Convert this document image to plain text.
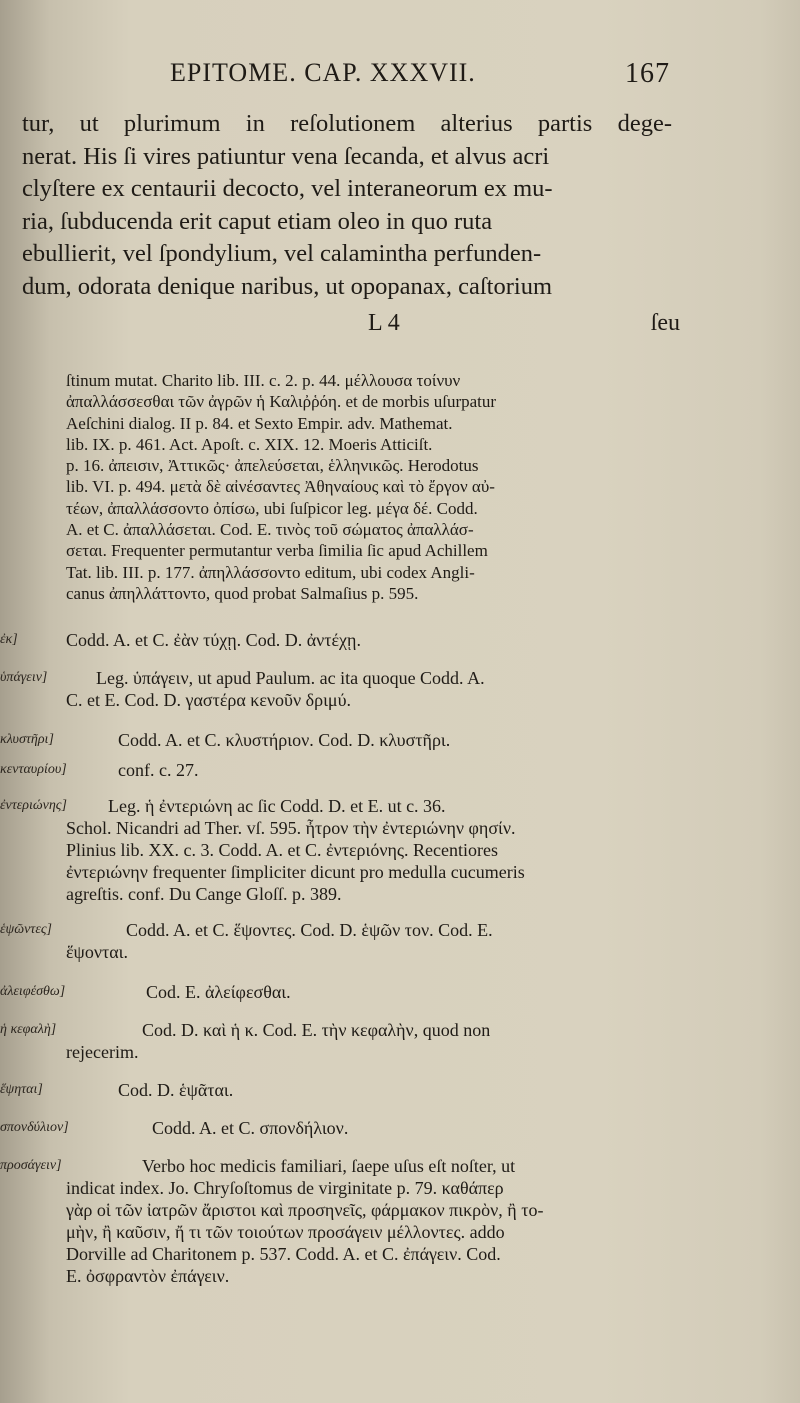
EPITOME. CAP. XXXVII.	167
tur, ut plurimum in reſolutionem alterius partis dege-
nerat. His ſi vires patiuntur vena ſecanda, et alvus acri
clyſtere ex centaurii decocto, vel interaneorum ex mu-
ria, ſubducenda erit caput etiam oleo in quo ruta
ebullierit, vel ſpondylium, vel calamintha perfunden-
dum, odorata denique naribus, ut opopanax, caſtorium
L 4	ſeu
ſtinum mutat. Charito lib. III. c. 2. p. 44. μέλλουσα τοίνυν
ἀπαλλάσσεσθαι τῶν ἀγρῶν ἡ Καλιῤῥόη. et de morbis uſurpatur
Aeſchini dialog. II p. 84. et Sexto Empir. adv. Mathemat.
lib. IX. p. 461. Act. Apoſt. c. XIX. 12. Moeris Atticiſt.
p. 16. ἀπεισιν, Ἀττικῶς· ἀπελεύσεται, ἑλληνικῶς. Herodotus
lib. VI. p. 494. μετὰ δὲ αἰνέσαντες Ἀθηναίους καὶ τὸ ἔργον αὐ-
τέων, ἀπαλλάσσοντο ὀπίσω, ubi ſuſpicor leg. μέγα δέ. Codd.
A. et C. ἀπαλλάσεται. Cod. E. τινὸς τοῦ σώματος ἀπαλλάσ-
σεται. Frequenter permutantur verba ſimilia ſic apud Achillem
Tat. lib. III. p. 177. ἀπηλλάσσοντο editum, ubi codex Angli-
canus ἀπηλλάττοντο, quod probat Salmaſius p. 595.
ἐκ]	Codd. A. et C. ἐὰν τύχῃ. Cod. D. ἀντέχῃ.
ὑπάγειν]	Leg. ὑπάγειν, ut apud Paulum. ac ita quoque Codd. A.
C. et E. Cod. D. γαστέρα κενοῦν δριμύ.
κλυστῆρι]	Codd. A. et C. κλυστήριον. Cod. D. κλυστῆρι.
κενταυρίου]	conf. c. 27.
ἐντεριώνης] Leg. ἡ ἐντεριώνη ac ſic Codd. D. et E. ut c. 36.
Schol. Nicandri ad Ther. vſ. 595. ἦτρον τὴν ἐντεριώνην φησίν.
Plinius lib. XX. c. 3. Codd. A. et C. ἐντεριόνης. Recentiores
ἐντεριώνην frequenter ſimpliciter dicunt pro medulla cucumeris
agreſtis. conf. Du Cange Gloſſ. p. 389.
ἑψῶντες]	Codd. A. et C. ἕψοντες. Cod. D. ἑψῶν τον. Cod. E.
ἕψονται.
ἀλειφέσθω]	Cod. E. ἀλείφεσθαι.
ἡ κεφαλὴ]	Cod. D. καὶ ἡ κ. Cod. E. τὴν κεφαλὴν, quod non
rejecerim.
ἕψηται]	Cod. D. ἑψᾶται.
σπονδύλιον]	Codd. A. et C. σπονδήλιον.
προσάγειν]	Verbo hoc medicis familiari, ſaepe uſus eſt noſter, ut
indicat index. Jo. Chryſoſtomus de virginitate p. 79. καθάπερ
γὰρ οἱ τῶν ἰατρῶν ἄριστοι καὶ προσηνεῖς, φάρμακον πικρὸν, ἢ το-
μὴν, ἢ καῦσιν, ἤ τι τῶν τοιούτων προσάγειν μέλλοντες. addo
Dorville ad Charitonem p. 537. Codd. A. et C. ἐπάγειν. Cod.
E. ὀσφραντὸν ἐπάγειν.
